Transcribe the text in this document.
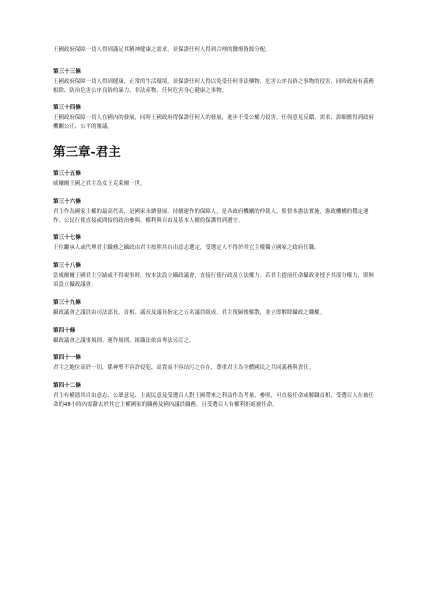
王國政府保障一切人得到滿足其精神健康之需求，並保證任何人得到合理的醫療資源分配。

第三十三條

王國政府保障一切人得到健康、正常的生活環境，並保證任何人得以免受任何非法藥物、危害公序良俗之事物的侵害，同時政府有義務根除、防治危害公序良俗的暴力、非法產物、任何危害身心健康之事物。

第三十四條

王國政府保障一切人在國內的發展，同時王國政府得保證任何人的發展，進步不受公權力侵害，任何意見反饋、需求、訴願應得到政府機關公正、公平的審議。

第三章-君主
第三十五條

威爾爾王國之君主為女王克萊爾一世。

第三十六條

君主作為國家主權的最高代表，是國家永續發展、持續運作的保障人，是各政府機關的仲裁人，監督本憲法實施，憲政機構的穩定運作、公民行使直接或間接的政治參與、權利與自由及基本人權的保護得到遵守。

第三十七條

王位繼承人或代理君主職務之攝政由君主按照其自由意志選定，受選定人不得於其它主權獨立國家之政府任職。

第三十八條

當威爾爾王國君主空缺或不得視事時，按本法設立攝政議會，直接行使行政及立法權力。若君主提前任命攝政並授予其部分權力，則無須設立攝政議會。

第三十九條

攝政議會之議員由司法部長、首相、議長及議長指定之五名議員組成。君主復歸後解散，並立即解除攝政之職權。

第四十條

攝政議會之議事規則、運作規則、組織法依由專法另訂之。

第四十一條

君主之地位高於一切，係神聖不容許侵犯、高貴而不容玷污之存在，尊重君主為全體國民之共同義務與責任。

第四十二條

君主有權憑其自由意志、公眾意見、主流民意及受選召人對王國帶來之利益作為考量、參照，可直接任命或解職首相，受選召人在被任命的48小時內需辭去於其它主權國家的職務及國內議員職務，且受選召人有權利拒絕被任命。
